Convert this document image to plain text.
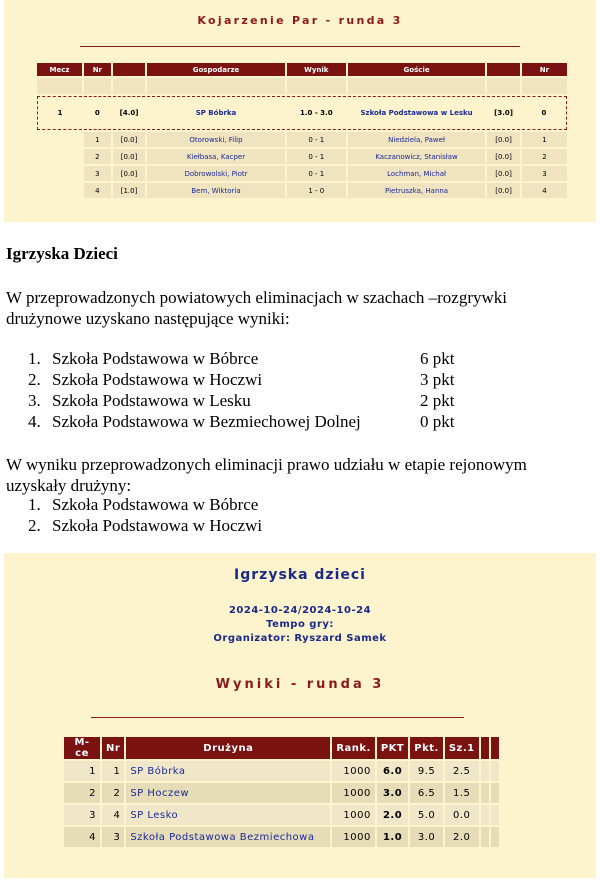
Kojarzenie Par - runda 3
Mecz	Nr		Gospodarze	Wynik	Goście		Nr

1	0	[4.0]	SP Bóbrka	1.0 - 3.0	Szkoła Podstawowa w Lesku	[3.0]	0
	1	[0.0]	Otorowski, Filip	0 - 1	Niedziela, Paweł	[0.0]	1
	2	[0.0]	Kiełbasa, Kacper	0 - 1	Kaczanowicz, Stanisław	[0.0]	2
	3	[0.0]	Dobrowolski, Piotr	0 - 1	Lochman, Michał	[0.0]	3
	4	[1.0]	Bem, Wiktoria	1 - 0	Pietruszka, Hanna	[0.0]	4
Igrzyska Dzieci

W przeprowadzonych powiatowych eliminacjach w szachach –rozgrywki
drużynowe uzyskano następujące wyniki:

1. Szkoła Podstawowa w Bóbrce	6 pkt
2. Szkoła Podstawowa w Hoczwi	3 pkt
3. Szkoła Podstawowa w Lesku	2 pkt
4. Szkoła Podstawowa w Bezmiechowej Dolnej	0 pkt

W wyniku przeprowadzonych eliminacji prawo udziału w etapie rejonowym
uzyskały drużyny:

1. Szkoła Podstawowa w Bóbrce
2. Szkoła Podstawowa w Hoczwi
Igrzyska dzieci
2024-10-24/2024-10-24
Tempo gry:
Organizator: Ryszard Samek
Wyniki - runda 3
M-ce	Nr	Drużyna	Rank.	PKT	Pkt.	Sz.1		
1	1	SP Bóbrka	1000	6.0	9.5	2.5		
2	2	SP Hoczew	1000	3.0	6.5	1.5		
3	4	SP Lesko	1000	2.0	5.0	0.0		
4	3	Szkoła Podstawowa Bezmiechowa	1000	1.0	3.0	2.0		
